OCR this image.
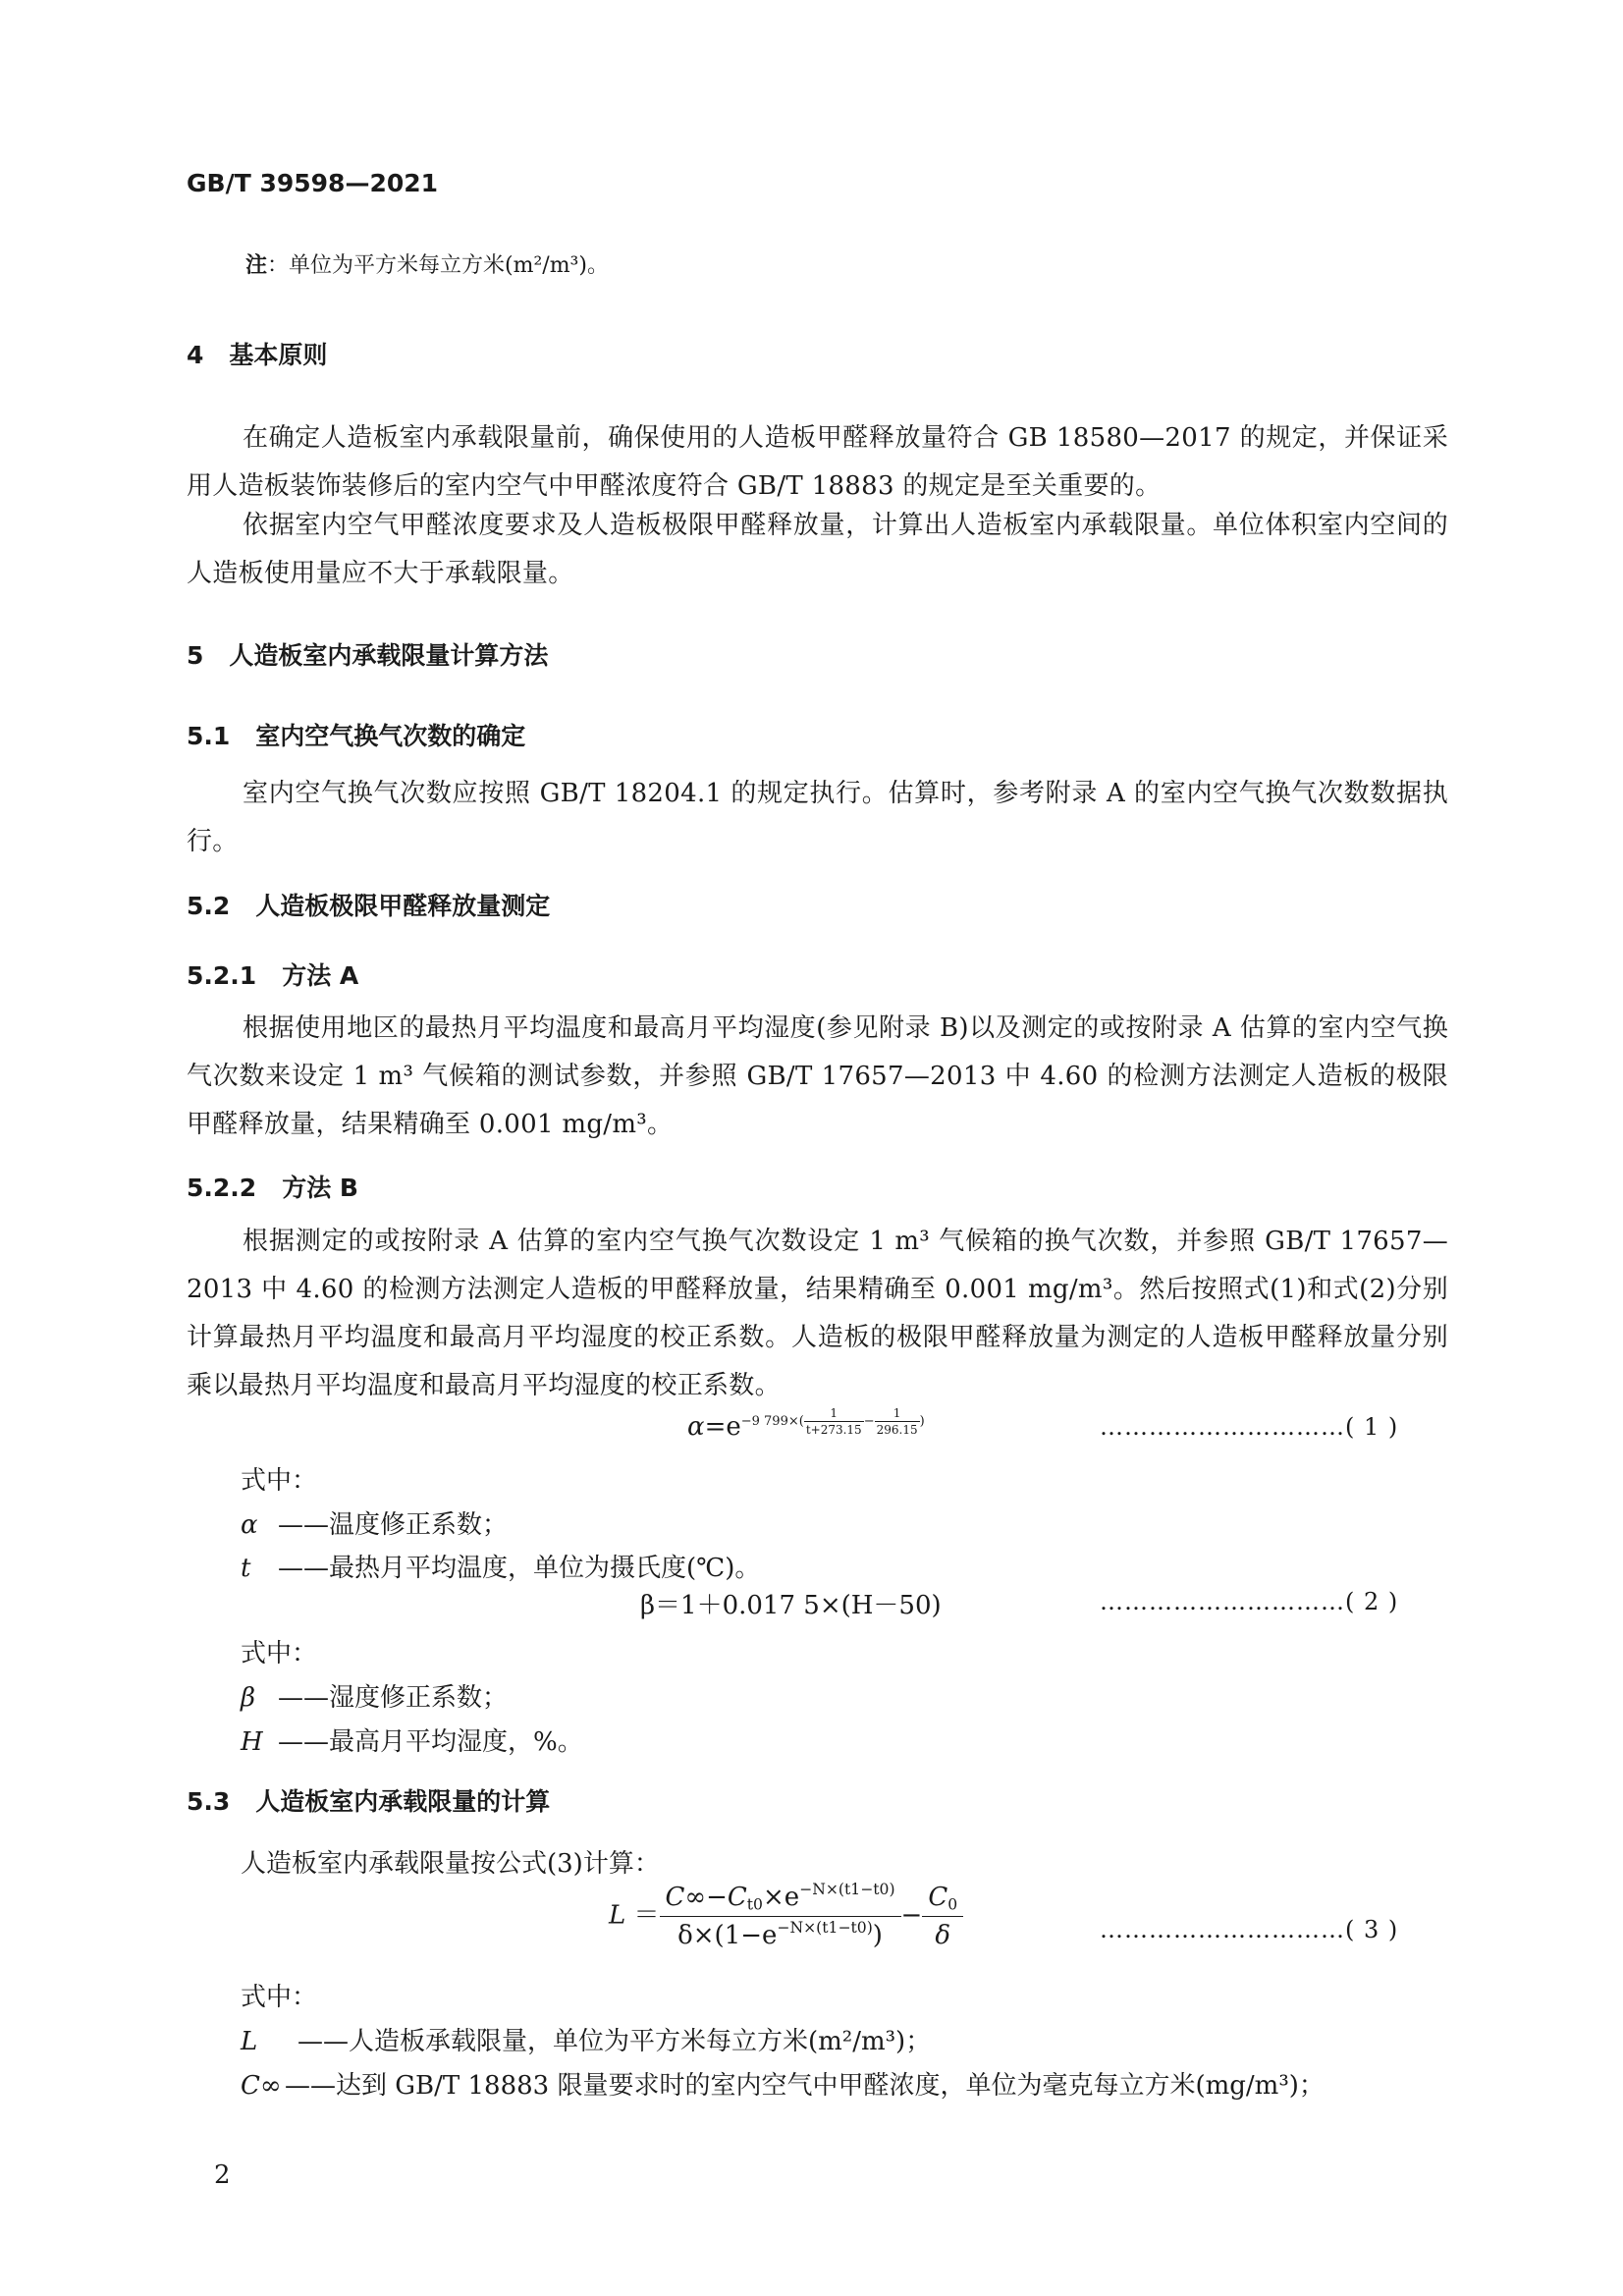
GB/T 39598—2021
注：单位为平方米每立方米(m²/m³)。
4 基本原则
在确定人造板室内承载限量前，确保使用的人造板甲醛释放量符合 GB 18580—2017 的规定，并保证采用人造板装饰装修后的室内空气中甲醛浓度符合 GB/T 18883 的规定是至关重要的。
依据室内空气甲醛浓度要求及人造板极限甲醛释放量，计算出人造板室内承载限量。单位体积室内空间的人造板使用量应不大于承载限量。
5 人造板室内承载限量计算方法
5.1 室内空气换气次数的确定
室内空气换气次数应按照 GB/T 18204.1 的规定执行。估算时，参考附录 A 的室内空气换气次数数据执行。
5.2 人造板极限甲醛释放量测定
5.2.1 方法 A
根据使用地区的最热月平均温度和最高月平均湿度(参见附录 B)以及测定的或按附录 A 估算的室内空气换气次数来设定 1 m³ 气候箱的测试参数，并参照 GB/T 17657—2013 中 4.60 的检测方法测定人造板的极限甲醛释放量，结果精确至 0.001 mg/m³。
5.2.2 方法 B
根据测定的或按附录 A 估算的室内空气换气次数设定 1 m³ 气候箱的换气次数，并参照 GB/T 17657—2013 中 4.60 的检测方法测定人造板的甲醛释放量，结果精确至 0.001 mg/m³。然后按照式(1)和式(2)分别计算最热月平均温度和最高月平均湿度的校正系数。人造板的极限甲醛释放量为测定的人造板甲醛释放量分别乘以最热月平均温度和最高月平均湿度的校正系数。
α=e−9 $799\times( \frac{1}{t+273.15} - \frac{1}{296.15}$ )	…………………………( 1 )
式中：
α ——温度修正系数；
t ——最热月平均温度，单位为摄氏度(℃)。
β＝1＋0.017 5×(H－50)	…………………………( 2 )
式中：
β ——湿度修正系数；
H ——最高月平均湿度，%。
5.3 人造板室内承载限量的计算
人造板室内承载限量按公式(3)计算：
$L = \frac{C\infty-C_{t0}\times e^{-N\times(t1-t0)}}{\delta\times(1-e^{-N\times(t1-t0)})} - \frac{C_0}{\delta}$	…………………………( 3 )
式中：
L ——人造板承载限量，单位为平方米每立方米(m²/m³)；
C∞ ——达到 GB/T 18883 限量要求时的室内空气中甲醛浓度，单位为毫克每立方米(mg/m³)；
2
